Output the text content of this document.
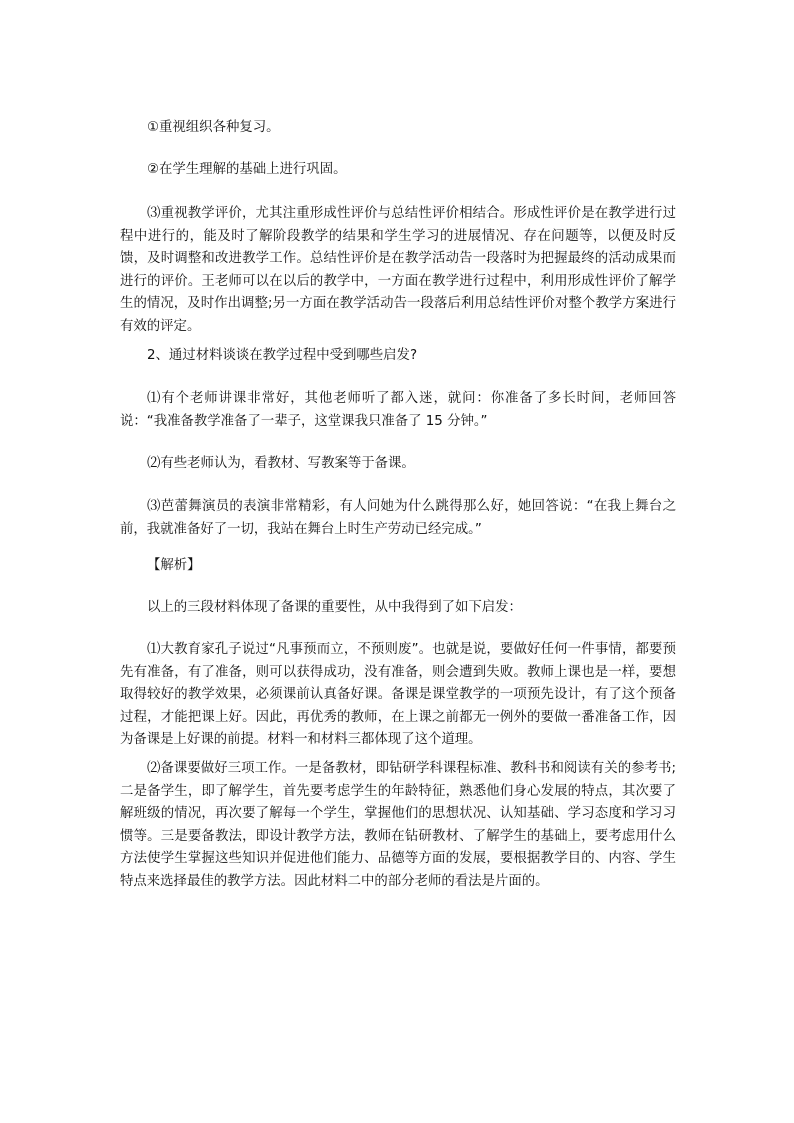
①重视组织各种复习。

②在学生理解的基础上进行巩固。

⑶重视教学评价，尤其注重形成性评价与总结性评价相结合。形成性评价是在教学进行过程中进行的，能及时了解阶段教学的结果和学生学习的进展情况、存在问题等，以便及时反馈，及时调整和改进教学工作。总结性评价是在教学活动告一段落时为把握最终的活动成果而进行的评价。王老师可以在以后的教学中，一方面在教学进行过程中，利用形成性评价了解学生的情况，及时作出调整;另一方面在教学活动告一段落后利用总结性评价对整个教学方案进行有效的评定。

2、通过材料谈谈在教学过程中受到哪些启发?

⑴有个老师讲课非常好，其他老师听了都入迷，就问：你准备了多长时间，老师回答说：“我准备教学准备了一辈子，这堂课我只准备了 15 分钟。”

⑵有些老师认为，看教材、写教案等于备课。

⑶芭蕾舞演员的表演非常精彩，有人问她为什么跳得那么好，她回答说：“在我上舞台之前，我就准备好了一切，我站在舞台上时生产劳动已经完成。”

【解析】

以上的三段材料体现了备课的重要性，从中我得到了如下启发：

⑴大教育家孔子说过“凡事预而立，不预则废”。也就是说，要做好任何一件事情，都要预先有准备，有了准备，则可以获得成功，没有准备，则会遭到失败。教师上课也是一样，要想取得较好的教学效果，必须课前认真备好课。备课是课堂教学的一项预先设计，有了这个预备过程，才能把课上好。因此，再优秀的教师，在上课之前都无一例外的要做一番准备工作，因为备课是上好课的前提。材料一和材料三都体现了这个道理。

⑵备课要做好三项工作。一是备教材，即钻研学科课程标准、教科书和阅读有关的参考书;二是备学生，即了解学生，首先要考虑学生的年龄特征，熟悉他们身心发展的特点，其次要了解班级的情况，再次要了解每一个学生，掌握他们的思想状况、认知基础、学习态度和学习习惯等。三是要备教法，即设计教学方法，教师在钻研教材、了解学生的基础上，要考虑用什么方法使学生掌握这些知识并促进他们能力、品德等方面的发展，要根据教学目的、内容、学生特点来选择最佳的教学方法。因此材料二中的部分老师的看法是片面的。
